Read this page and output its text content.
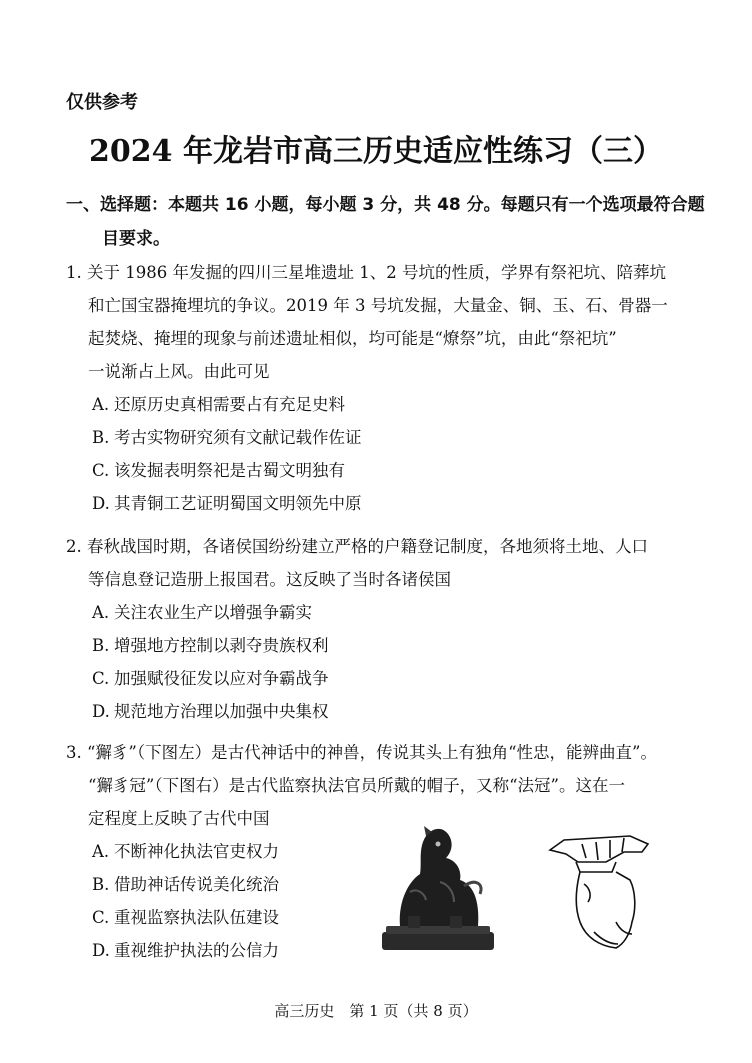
仅供参考
2024 年龙岩市高三历史适应性练习（三）
一、选择题：本题共 16 小题，每小题 3 分，共 48 分。每题只有一个选项最符合题
目要求。
1. 关于 1986 年发掘的四川三星堆遗址 1、2 号坑的性质，学界有祭祀坑、陪葬坑
和亡国宝器掩埋坑的争议。2019 年 3 号坑发掘，大量金、铜、玉、石、骨器一
起焚烧、掩埋的现象与前述遗址相似，均可能是“燎祭”坑，由此“祭祀坑”
一说渐占上风。由此可见
A. 还原历史真相需要占有充足史料
B. 考古实物研究须有文献记载作佐证
C. 该发掘表明祭祀是古蜀文明独有
D. 其青铜工艺证明蜀国文明领先中原
2. 春秋战国时期，各诸侯国纷纷建立严格的户籍登记制度，各地须将土地、人口
等信息登记造册上报国君。这反映了当时各诸侯国
A. 关注农业生产以增强争霸实
B. 增强地方控制以剥夺贵族权利
C. 加强赋役征发以应对争霸战争
D. 规范地方治理以加强中央集权
3. “獬豸”（下图左）是古代神话中的神兽，传说其头上有独角“性忠，能辨曲直”。
“獬豸冠”（下图右）是古代监察执法官员所戴的帽子，又称“法冠”。这在一
定程度上反映了古代中国
A. 不断神化执法官吏权力
B. 借助神话传说美化统治
C. 重视监察执法队伍建设
D. 重视维护执法的公信力
高三历史　第 1 页（共 8 页）
